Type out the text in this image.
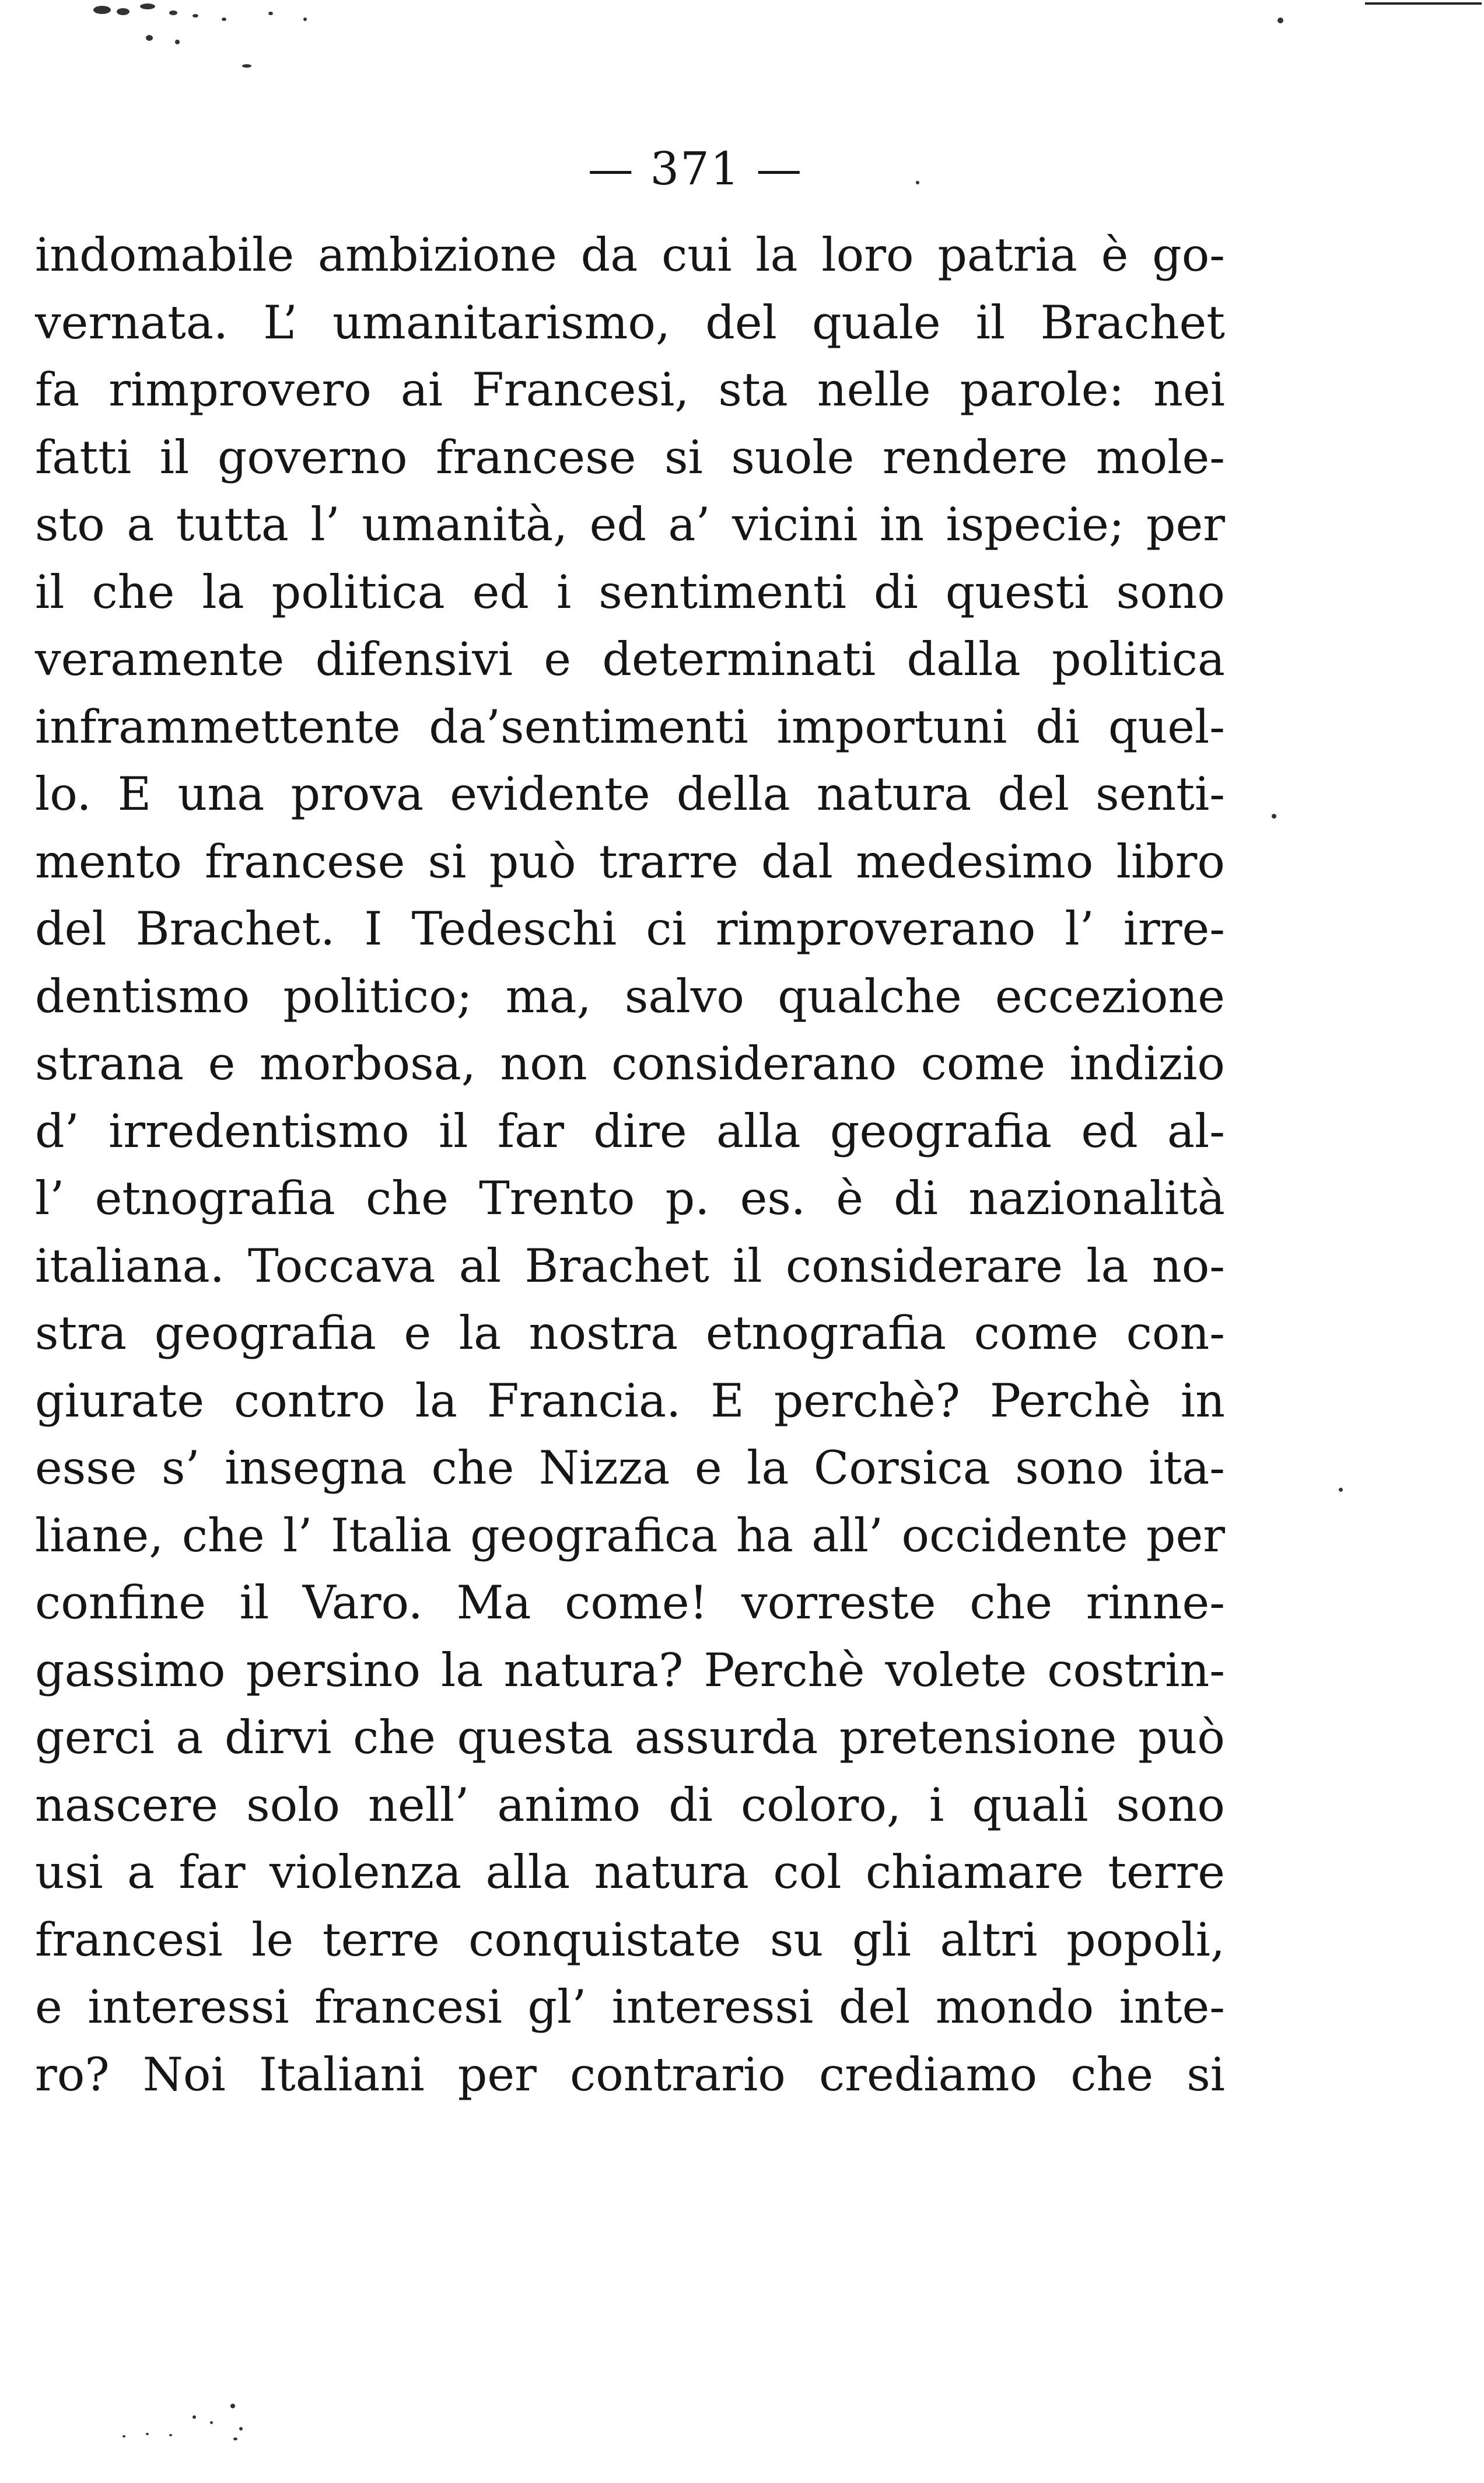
— 371 —
indomabile ambizione da cui la loro patria è go-
vernata. L’ umanitarismo, del quale il Brachet
fa rimprovero ai Francesi, sta nelle parole: nei
fatti il governo francese si suole rendere mole-
sto a tutta l’ umanità, ed a’ vicini in ispecie; per
il che la politica ed i sentimenti di questi sono
veramente difensivi e determinati dalla politica
inframmettente da’sentimenti importuni di quel-
lo. E una prova evidente della natura del senti-
mento francese si può trarre dal medesimo libro
del Brachet. I Tedeschi ci rimproverano l’ irre-
dentismo politico; ma, salvo qualche eccezione
strana e morbosa, non considerano come indizio
d’ irredentismo il far dire alla geografia ed al-
l’ etnografia che Trento p. es. è di nazionalità
italiana. Toccava al Brachet il considerare la no-
stra geografia e la nostra etnografia come con-
giurate contro la Francia. E perchè? Perchè in
esse s’ insegna che Nizza e la Corsica sono ita-
liane, che l’ Italia geografica ha all’ occidente per
confine il Varo. Ma come! vorreste che rinne-
gassimo persino la natura? Perchè volete costrin-
gerci a dirvi che questa assurda pretensione può
nascere solo nell’ animo di coloro, i quali sono
usi a far violenza alla natura col chiamare terre
francesi le terre conquistate su gli altri popoli,
e interessi francesi gl’ interessi del mondo inte-
ro? Noi Italiani per contrario crediamo che si
